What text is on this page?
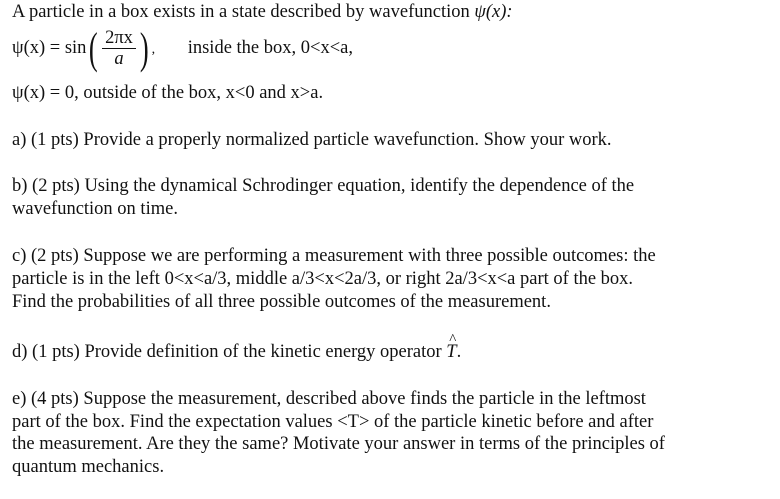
A particle in a box exists in a state described by wavefunction ψ(x):
$\psi(x) = \sin( \frac{2\pi x}{a}$ ) , inside the box, 0<x<a,
ψ(x) = 0, outside of the box, x<0 and x>a.
a) (1 pts) Provide a properly normalized particle wavefunction. Show your work.
b) (2 pts) Using the dynamical Schrodinger equation, identify the dependence of the
wavefunction on time.
c) (2 pts) Suppose we are performing a measurement with three possible outcomes: the
particle is in the left 0<x<a/3, middle a/3<x<2a/3, or right 2a/3<x<a part of the box.
Find the probabilities of all three possible outcomes of the measurement.
d) (1 pts) Provide definition of the kinetic energy operator ^ T.
e) (4 pts) Suppose the measurement, described above finds the particle in the leftmost
part of the box. Find the expectation values <T> of the particle kinetic before and after
the measurement. Are they the same? Motivate your answer in terms of the principles of
quantum mechanics.
